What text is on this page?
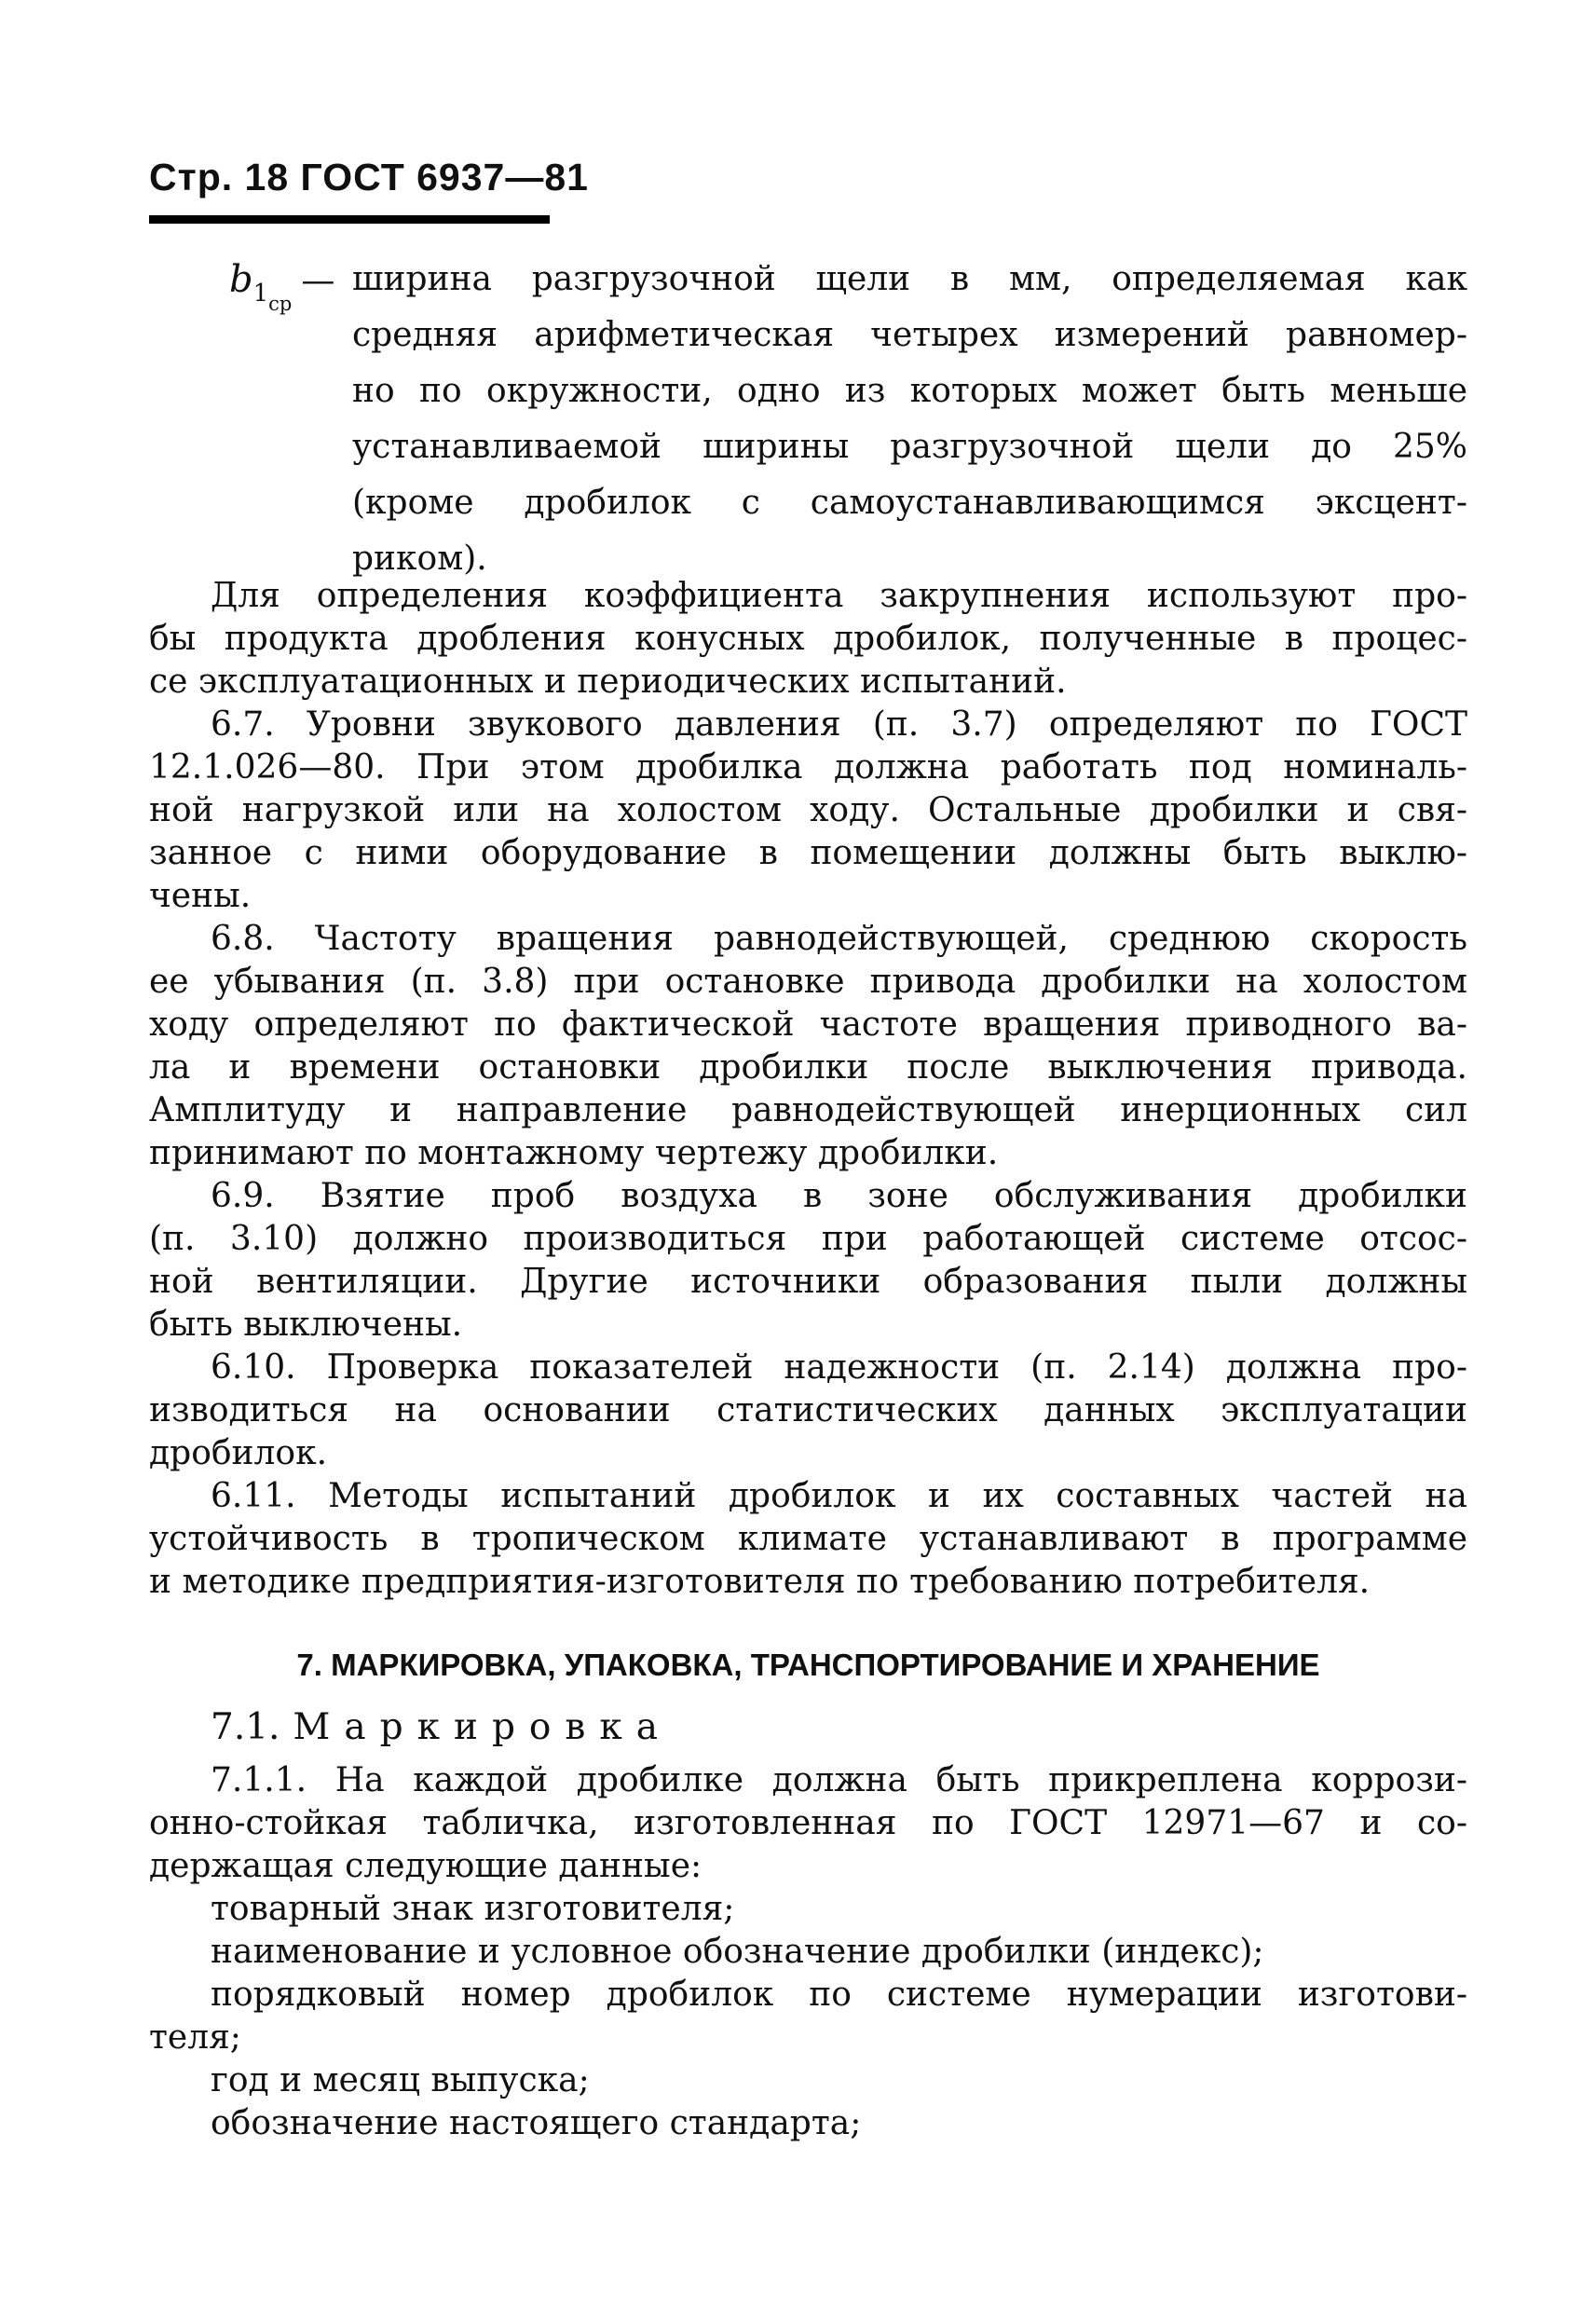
Стр. 18 ГОСТ 6937—81
$b_{1ср}—$ ширина разгрузочной щели в мм, определяемая как
средняя арифметическая четырех измерений равномер-
но по окружности, одно из которых может быть меньше
устанавливаемой ширины разгрузочной щели до 25%
(кроме дробилок с самоустанавливающимся эксцент-
риком).
Для определения коэффициента закрупнения используют про-
бы продукта дробления конусных дробилок, полученные в процес-
се эксплуатационных и периодических испытаний.
6.7. Уровни звукового давления (п. 3.7) определяют по ГОСТ
12.1.026—80. При этом дробилка должна работать под номиналь-
ной нагрузкой или на холостом ходу. Остальные дробилки и свя-
занное с ними оборудование в помещении должны быть выклю-
чены.
6.8. Частоту вращения равнодействующей, среднюю скорость
ее убывания (п. 3.8) при остановке привода дробилки на холостом
ходу определяют по фактической частоте вращения приводного ва-
ла и времени остановки дробилки после выключения привода.
Амплитуду и направление равнодействующей инерционных сил
принимают по монтажному чертежу дробилки.
6.9. Взятие проб воздуха в зоне обслуживания дробилки
(п. 3.10) должно производиться при работающей системе отсос-
ной вентиляции. Другие источники образования пыли должны
быть выключены.
6.10. Проверка показателей надежности (п. 2.14) должна про-
изводиться на основании статистических данных эксплуатации
дробилок.
6.11. Методы испытаний дробилок и их составных частей на
устойчивость в тропическом климате устанавливают в программе
и методике предприятия-изготовителя по требованию потребителя.
7. МАРКИРОВКА, УПАКОВКА, ТРАНСПОРТИРОВАНИЕ И ХРАНЕНИЕ
7.1. Маркировка
7.1.1. На каждой дробилке должна быть прикреплена коррози-
онно-стойкая табличка, изготовленная по ГОСТ 12971—67 и со-
держащая следующие данные:
товарный знак изготовителя;
наименование и условное обозначение дробилки (индекс);
порядковый номер дробилок по системе нумерации изготови-
теля;
год и месяц выпуска;
обозначение настоящего стандарта;
